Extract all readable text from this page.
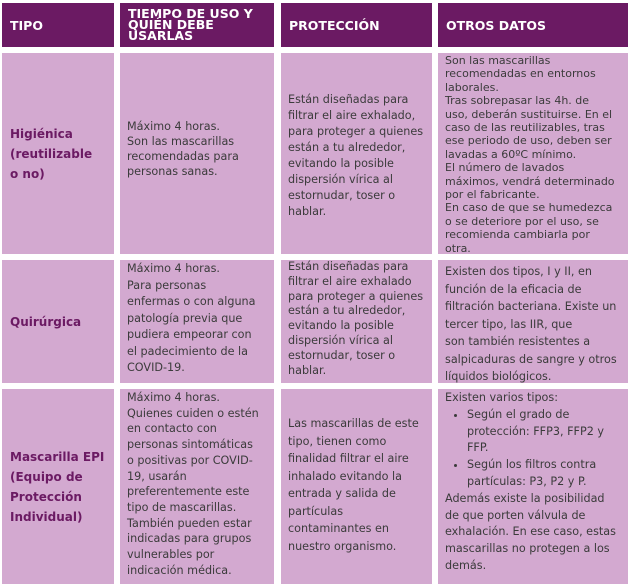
TIPO
TIEMPO DE USO Y QUIÉN DEBE USARLAS
PROTECCIÓN	OTROS DATOS
Higiénica
(reutilizable
o no)
Máximo 4 horas.
Son las mascarillas
recomendadas para
personas sanas.
Están diseñadas para
filtrar el aire exhalado,
para proteger a quienes
están a tu alrededor,
evitando la posible
dispersión vírica al
estornudar, toser o
hablar.
Son las mascarillas
recomendadas en entornos
laborales.
Tras sobrepasar las 4h. de
uso, deberán sustituirse. En el
caso de las reutilizables, tras
ese periodo de uso, deben ser
lavadas a 60ºC mínimo.
El número de lavados
máximos, vendrá determinado
por el fabricante.
En caso de que se humedezca
o se deteriore por el uso, se
recomienda cambiarla por
otra.
Quirúrgica
Máximo 4 horas.
Para personas
enfermas o con alguna
patología previa que
pudiera empeorar con
el padecimiento de la
COVID-19.
Están diseñadas para
filtrar el aire exhalado
para proteger a quienes
están a tu alrededor,
evitando la posible
dispersión vírica al
estornudar, toser o
hablar.
Existen dos tipos, I y II, en
función de la eficacia de
filtración bacteriana. Existe un
tercer tipo, las IIR, que
son también resistentes a
salpicaduras de sangre y otros
líquidos biológicos.
Mascarilla EPI
(Equipo de
Protección
Individual)
Máximo 4 horas.
Quienes cuiden o estén
en contacto con
personas sintomáticas
o positivas por COVID-
19, usarán
preferentemente este
tipo de mascarillas.
También pueden estar
indicadas para grupos
vulnerables por
indicación médica.
Las mascarillas de este
tipo, tienen como
finalidad filtrar el aire
inhalado evitando la
entrada y salida de
partículas
contaminantes en
nuestro organismo.
Existen varios tipos:
• Según el grado de
protección: FFP3, FFP2 y
FFP.
• Según los filtros contra
partículas: P3, P2 y P.
Además existe la posibilidad
de que porten válvula de
exhalación. En ese caso, estas
mascarillas no protegen a los
demás.
